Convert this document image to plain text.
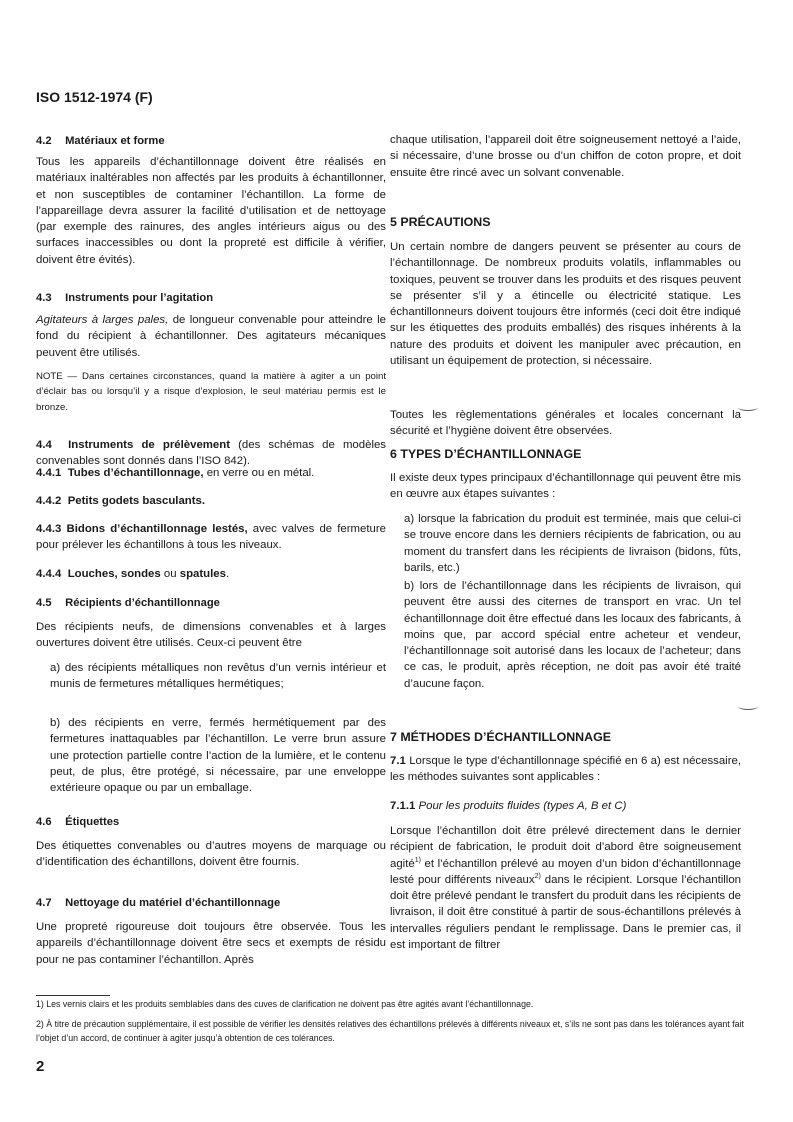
ISO 1512-1974 (F)
4.2 Matériaux et forme
Tous les appareils d’échantillonnage doivent être réalisés en matériaux inaltérables non affectés par les produits à échantillonner, et non susceptibles de contaminer l’échantillon. La forme de l’appareillage devra assurer la facilité d’utilisation et de nettoyage (par exemple des rainures, des angles intérieurs aigus ou des surfaces inaccessibles ou dont la propreté est difficile à vérifier, doivent être évités).
4.3 Instruments pour l’agitation
Agitateurs à larges pales, de longueur convenable pour atteindre le fond du récipient à échantillonner. Des agitateurs mécaniques peuvent être utilisés.
NOTE — Dans certaines circonstances, quand la matière à agiter a un point d’éclair bas ou lorsqu’il y a risque d’explosion, le seul matériau permis est le bronze.
4.4 Instruments de prélèvement (des schémas de modèles convenables sont donnés dans l’ISO 842).
4.4.1 Tubes d’échantillonnage, en verre ou en métal.
4.4.2 Petits godets basculants.
4.4.3 Bidons d’échantillonnage lestés, avec valves de fermeture pour prélever les échantillons à tous les niveaux.
4.4.4 Louches, sondes ou spatules.
4.5 Récipients d’échantillonnage
Des récipients neufs, de dimensions convenables et à larges ouvertures doivent être utilisés. Ceux-ci peuvent être
a) des récipients métalliques non revêtus d’un vernis intérieur et munis de fermetures métalliques hermétiques;
b) des récipients en verre, fermés hermétiquement par des fermetures inattaquables par l’échantillon. Le verre brun assure une protection partielle contre l’action de la lumière, et le contenu peut, de plus, être protégé, si nécessaire, par une enveloppe extérieure opaque ou par un emballage.
4.6 Étiquettes
Des étiquettes convenables ou d’autres moyens de marquage ou d’identification des échantillons, doivent être fournis.
4.7 Nettoyage du matériel d’échantillonnage
Une propreté rigoureuse doit toujours être observée. Tous les appareils d’échantillonnage doivent être secs et exempts de résidu pour ne pas contaminer l’échantillon. Après
chaque utilisation, l’appareil doit être soigneusement nettoyé a l’aide, si nécessaire, d’une brosse ou d’un chiffon de coton propre, et doit ensuite être rincé avec un solvant convenable.
5 PRÉCAUTIONS
Un certain nombre de dangers peuvent se présenter au cours de l’échantillonnage. De nombreux produits volatils, inflammables ou toxiques, peuvent se trouver dans les produits et des risques peuvent se présenter s’il y a étincelle ou électricité statique. Les échantillonneurs doivent toujours être informés (ceci doit être indiqué sur les étiquettes des produits emballés) des risques inhérents à la nature des produits et doivent les manipuler avec précaution, en utilisant un équipement de protection, si nécessaire.
Toutes les règlementations générales et locales concernant la sécurité et l’hygiène doivent être observées.
6 TYPES D’ÉCHANTILLONNAGE
Il existe deux types principaux d’échantillonnage qui peuvent être mis en œuvre aux étapes suivantes :
a) lorsque la fabrication du produit est terminée, mais que celui-ci se trouve encore dans les derniers récipients de fabrication, ou au moment du transfert dans les récipients de livraison (bidons, fûts, barils, etc.)
b) lors de l’échantillonnage dans les récipients de livraison, qui peuvent être aussi des citernes de transport en vrac. Un tel échantillonnage doit être effectué dans les locaux des fabricants, à moins que, par accord spécial entre acheteur et vendeur, l’échantillonnage soit autorisé dans les locaux de l’acheteur; dans ce cas, le produit, après réception, ne doit pas avoir été traité d’aucune façon.
7 MÉTHODES D’ÉCHANTILLONNAGE
7.1 Lorsque le type d’échantillonnage spécifié en 6 a) est nécessaire, les méthodes suivantes sont applicables :
7.1.1 Pour les produits fluides (types A, B et C)
Lorsque l’échantillon doit être prélevé directement dans le dernier récipient de fabrication, le produit doit d’abord être soigneusement agité$^{1)}$ et l’échantillon prélevé au moyen d’un bidon d’échantillonnage lesté pour différents niveaux$^{2)}$ dans le récipient. Lorsque l’échantillon doit être prélevé pendant le transfert du produit dans les récipients de livraison, il doit être constitué à partir de sous-échantillons prélevés à intervalles réguliers pendant le remplissage. Dans le premier cas, il est important de filtrer
1) Les vernis clairs et les produits semblables dans des cuves de clarification ne doivent pas être agités avant l’échantillonnage.
2) À titre de précaution supplémentaire, il est possible de vérifier les densités relatives des échantillons prélevés à différents niveaux et, s’ils ne sont pas dans les tolérances ayant fait l’objet d’un accord, de continuer à agiter jusqu’à obtention de ces tolérances.
2
